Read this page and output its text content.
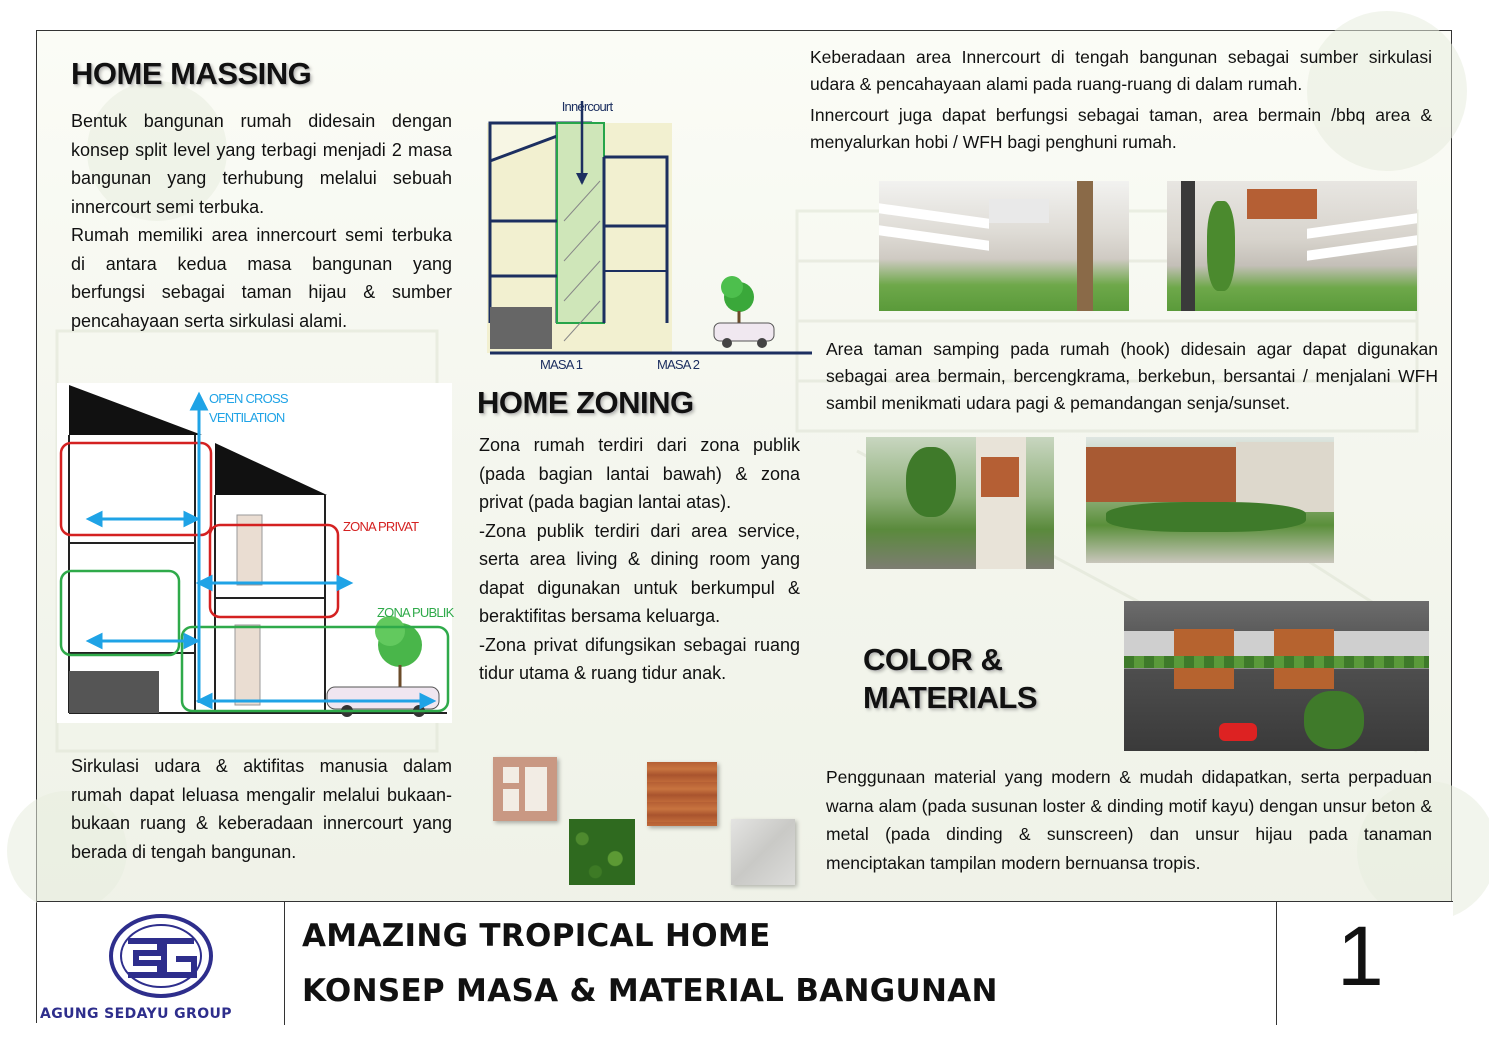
HOME MASSING

Bentuk bangunan rumah didesain dengan konsep split level yang terbagi menjadi 2 masa bangunan yang terhubung melalui sebuah innercourt semi terbuka.

Rumah memiliki area innercourt semi terbuka di antara kedua masa bangunan yang berfungsi sebagai taman hijau & sumber pencahayaan serta sirkulasi alami.

Innercourt
MASA 1	MASA 2
OPEN CROSS
VENTILATION
ZONA PRIVAT
ZONA PUBLIK
Sirkulasi udara & aktifitas manusia dalam rumah dapat leluasa mengalir melalui bukaan-bukaan ruang & keberadaan innercourt yang berada di tengah bangunan.
HOME ZONING

Zona rumah terdiri dari zona publik (pada bagian lantai bawah) & zona privat (pada bagian lantai atas).

-Zona publik terdiri dari area service, serta area living & dining room yang dapat digunakan untuk berkumpul & beraktifitas bersama keluarga.

-Zona privat difungsikan sebagai ruang tidur utama & ruang tidur anak.

Keberadaan area Innercourt di tengah bangunan sebagai sumber sirkulasi udara & pencahayaan alami pada ruang-ruang di dalam rumah.

Innercourt juga dapat berfungsi sebagai taman, area bermain /bbq area & menyalurkan hobi / WFH bagi penghuni rumah.

Area taman samping pada rumah (hook) didesain agar dapat digunakan sebagai area bermain, bercengkrama, berkebun, bersantai / menjalani WFH sambil menikmati udara pagi & pemandangan senja/sunset.
COLOR &
MATERIALS
Penggunaan material yang modern & mudah didapatkan, serta perpaduan warna alam (pada susunan loster & dinding motif kayu) dengan unsur beton & metal (pada dinding & sunscreen) dan unsur hijau pada tanaman menciptakan tampilan modern bernuansa tropis.
AGUNG SEDAYU GROUP
AMAZING TROPICAL HOME
KONSEP MASA & MATERIAL BANGUNAN	1
